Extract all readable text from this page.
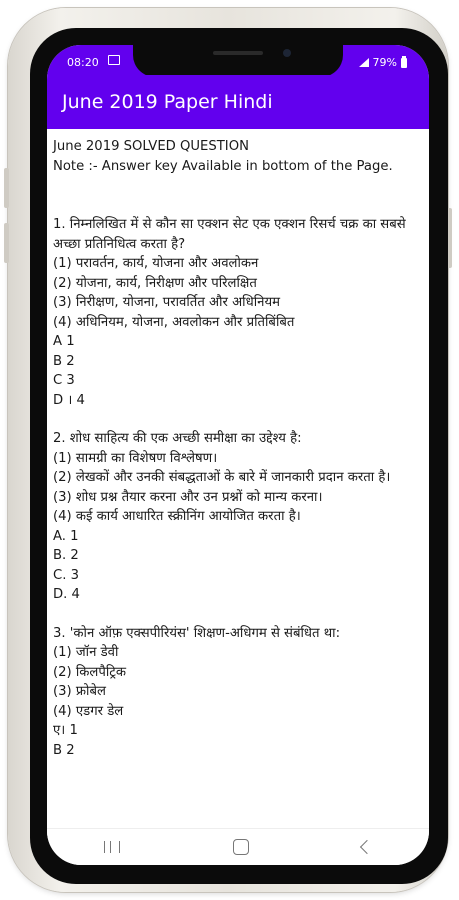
08:20	79%
June 2019 Paper Hindi

June 2019 SOLVED QUESTION

Note :- Answer key Available in bottom of the Page.

1. निम्नलिखित में से कौन सा एक्शन सेट एक एक्शन रिसर्च चक्र का सबसे अच्छा प्रतिनिधित्व करता है?

(1) परावर्तन, कार्य, योजना और अवलोकन

(2) योजना, कार्य, निरीक्षण और परिलक्षित

(3) निरीक्षण, योजना, परावर्तित और अधिनियम

(4) अधिनियम, योजना, अवलोकन और प्रतिबिंबित

A 1

B 2

C 3

D । 4

2. शोध साहित्य की एक अच्छी समीक्षा का उद्देश्य है:

(1) सामग्री का विशेषण विश्लेषण।

(2) लेखकों और उनकी संबद्धताओं के बारे में जानकारी प्रदान करता है।

(3) शोध प्रश्न तैयार करना और उन प्रश्नों को मान्य करना।

(4) कई कार्य आधारित स्क्रीनिंग आयोजित करता है।

A. 1

B. 2

C. 3

D. 4

3. 'कोन ऑफ़ एक्सपीरियंस' शिक्षण-अधिगम से संबंधित था:

(1) जॉन डेवी

(2) किलपैट्रिक

(3) फ्रोबेल

(4) एडगर डेल

ए। 1

B 2
